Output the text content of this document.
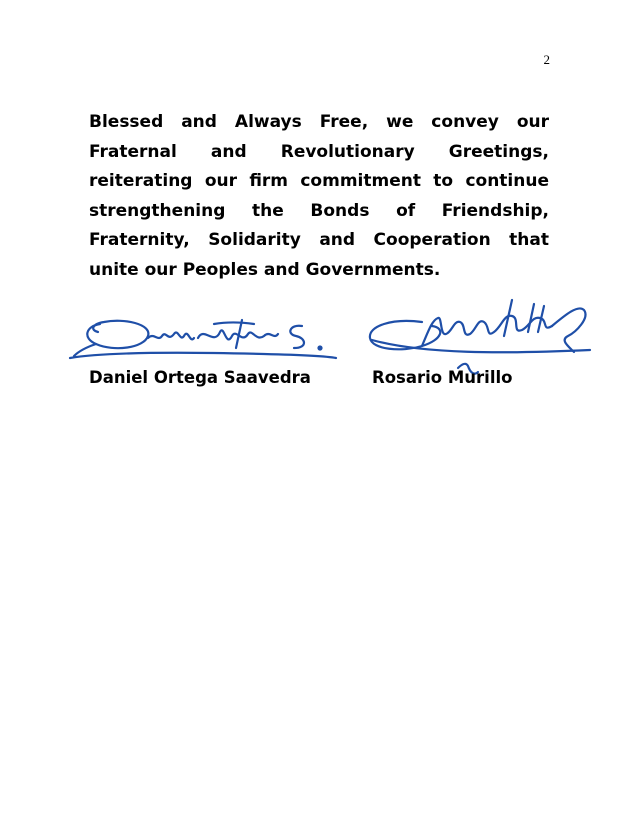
2

Blessed and Always Free, we convey our Fraternal and Revolutionary Greetings, reiterating our firm commitment to continue strengthening the Bonds of Friendship, Fraternity, Solidarity and Cooperation that unite our Peoples and Governments.

Daniel Ortega Saavedra	Rosario Murillo
